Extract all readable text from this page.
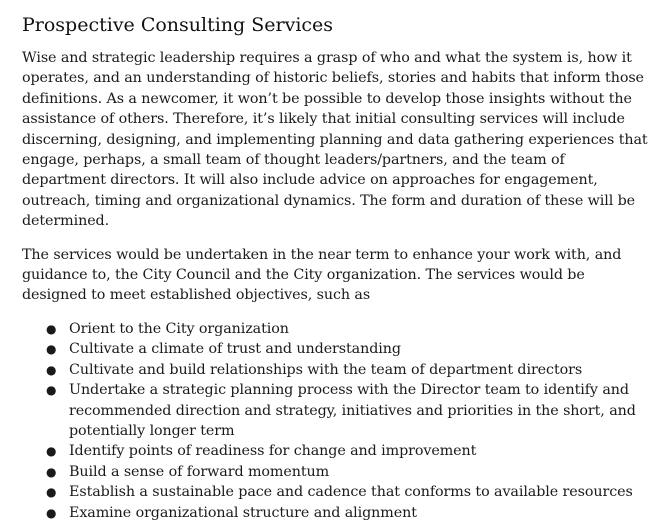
Prospective Consulting Services

Wise and strategic leadership requires a grasp of who and what the system is, how it operates, and an understanding of historic beliefs, stories and habits that inform those definitions. As a newcomer, it won’t be possible to develop those insights without the assistance of others. Therefore, it’s likely that initial consulting services will include discerning, designing, and implementing planning and data gathering experiences that engage, perhaps, a small team of thought leaders/partners, and the team of department directors. It will also include advice on approaches for engagement, outreach, timing and organizational dynamics. The form and duration of these will be determined.

The services would be undertaken in the near term to enhance your work with, and guidance to, the City Council and the City organization. The services would be designed to meet established objectives, such as

● Orient to the City organization
● Cultivate a climate of trust and understanding
● Cultivate and build relationships with the team of department directors
● Undertake a strategic planning process with the Director team to identify and recommended direction and strategy, initiatives and priorities in the short, and potentially longer term
● Identify points of readiness for change and improvement
● Build a sense of forward momentum
● Establish a sustainable pace and cadence that conforms to available resources
● Examine organizational structure and alignment
